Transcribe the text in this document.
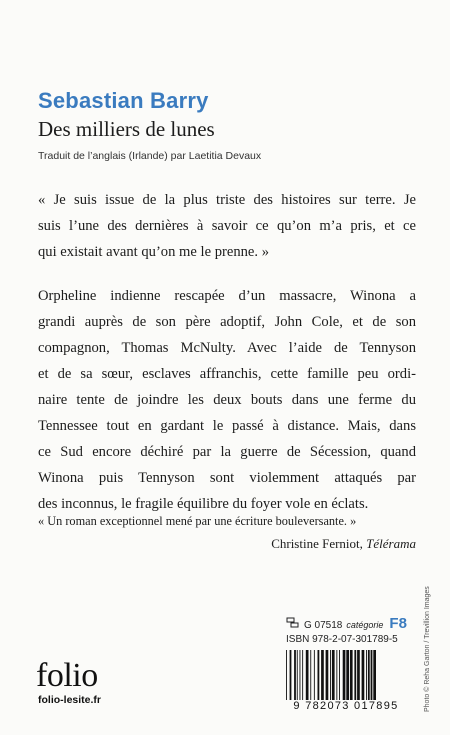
Sebastian Barry
Des milliers de lunes
Traduit de l’anglais (Irlande) par Laetitia Devaux
« Je suis issue de la plus triste des histoires sur terre. Je
suis l’une des dernières à savoir ce qu’on m’a pris, et ce
qui existait avant qu’on me le prenne. »
Orpheline indienne rescapée d’un massacre, Winona a
grandi auprès de son père adoptif, John Cole, et de son
compagnon, Thomas McNulty. Avec l’aide de Tennyson
et de sa sœur, esclaves affranchis, cette famille peu ordi-
naire tente de joindre les deux bouts dans une ferme du
Tennessee tout en gardant le passé à distance. Mais, dans
ce Sud encore déchiré par la guerre de Sécession, quand
Winona puis Tennyson sont violemment attaqués par
des inconnus, le fragile équilibre du foyer vole en éclats.
« Un roman exceptionnel mené par une écriture bouleversante. »
Christine Ferniot, Télérama
folio
folio-lesite.fr
G 07518 catégorie F8
ISBN 978-2-07-301789-5
9 782073 017895	Photo © Reha Garton / Trevillion Images
